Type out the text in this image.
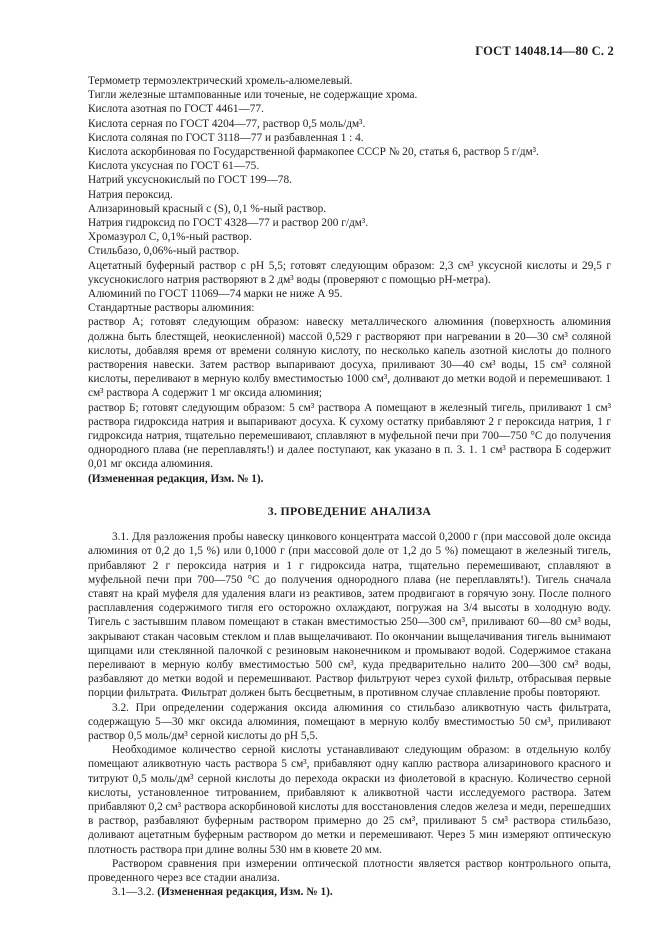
ГОСТ 14048.14—80 С. 2

Термометр термоэлектрический хромель-алюмелевый.

Тигли железные штампованные или точеные, не содержащие хрома.

Кислота азотная по ГОСТ 4461—77.

Кислота серная по ГОСТ 4204—77, раствор 0,5 моль/дм³.

Кислота соляная по ГОСТ 3118—77 и разбавленная 1 : 4.

Кислота аскорбиновая по Государственной фармакопее СССР № 20, статья 6, раствор 5 г/дм³.

Кислота уксусная по ГОСТ 61—75.

Натрий уксуснокислый по ГОСТ 199—78.

Натрия пероксид.

Ализариновый красный с (S), 0,1 %-ный раствор.

Натрия гидроксид по ГОСТ 4328—77 и раствор 200 г/дм³.

Хромазурол С, 0,1%-ный раствор.

Стильбазо, 0,06%-ный раствор.

Ацетатный буферный раствор с pH 5,5; готовят следующим образом: 2,3 см³ уксусной кислоты и 29,5 г уксуснокислого натрия растворяют в 2 дм³ воды (проверяют с помощью pH-метра).

Алюминий по ГОСТ 11069—74 марки не ниже А 95.

Стандартные растворы алюминия:

раствор А; готовят следующим образом: навеску металлического алюминия (поверхность алюминия должна быть блестящей, неокисленной) массой 0,529 г растворяют при нагревании в 20—30 см³ соляной кислоты, добавляя время от времени соляную кислоту, по несколько капель азотной кислоты до полного растворения навески. Затем раствор выпаривают досуха, приливают 30—40 см³ воды, 15 см³ соляной кислоты, переливают в мерную колбу вместимостью 1000 см³, доливают до метки водой и перемешивают. 1 см³ раствора А содержит 1 мг оксида алюминия;

раствор Б; готовят следующим образом: 5 см³ раствора А помещают в железный тигель, приливают 1 см³ раствора гидроксида натрия и выпаривают досуха. К сухому остатку прибавляют 2 г пероксида натрия, 1 г гидроксида натрия, тщательно перемешивают, сплавляют в муфельной печи при 700—750 °С до получения однородного плава (не переплавлять!) и далее поступают, как указано в п. 3. 1. 1 см³ раствора Б содержит 0,01 мг оксида алюминия.

(Измененная редакция, Изм. № 1).

3. ПРОВЕДЕНИЕ АНАЛИЗА

3.1. Для разложения пробы навеску цинкового концентрата массой 0,2000 г (при массовой доле оксида алюминия от 0,2 до 1,5 %) или 0,1000 г (при массовой доле от 1,2 до 5 %) помещают в железный тигель, прибавляют 2 г пероксида натрия и 1 г гидроксида натра, тщательно перемешивают, сплавляют в муфельной печи при 700—750 °С до получения однородного плава (не переплавлять!). Тигель сначала ставят на край муфеля для удаления влаги из реактивов, затем продвигают в горячую зону. После полного расплавления содержимого тигля его осторожно охлаждают, погружая на 3/4 высоты в холодную воду. Тигель с застывшим плавом помещают в стакан вместимостью 250—300 см³, приливают 60—80 см³ воды, закрывают стакан часовым стеклом и плав выщелачивают. По окончании выщелачивания тигель вынимают щипцами или стеклянной палочкой с резиновым наконечником и промывают водой. Содержимое стакана переливают в мерную колбу вместимостью 500 см³, куда предварительно налито 200—300 см³ воды, разбавляют до метки водой и перемешивают. Раствор фильтруют через сухой фильтр, отбрасывая первые порции фильтрата. Фильтрат должен быть бесцветным, в противном случае сплавление пробы повторяют.

3.2. При определении содержания оксида алюминия со стильбазо аликвотную часть фильтрата, содержащую 5—30 мкг оксида алюминия, помещают в мерную колбу вместимостью 50 см³, приливают раствор 0,5 моль/дм³ серной кислоты до pH 5,5.

Необходимое количество серной кислоты устанавливают следующим образом: в отдельную колбу помещают аликвотную часть раствора 5 см³, прибавляют одну каплю раствора ализаринового красного и титруют 0,5 моль/дм³ серной кислоты до перехода окраски из фиолетовой в красную. Количество серной кислоты, установленное титрованием, прибавляют к аликвотной части исследуемого раствора. Затем прибавляют 0,2 см³ раствора аскорбиновой кислоты для восстановления следов железа и меди, перешедших в раствор, разбавляют буферным раствором примерно до 25 см³, приливают 5 см³ раствора стильбазо, доливают ацетатным буферным раствором до метки и перемешивают. Через 5 мин измеряют оптическую плотность раствора при длине волны 530 нм в кювете 20 мм.

Раствором сравнения при измерении оптической плотности является раствор контрольного опыта, проведенного через все стадии анализа.

3.1—3.2. (Измененная редакция, Изм. № 1).
